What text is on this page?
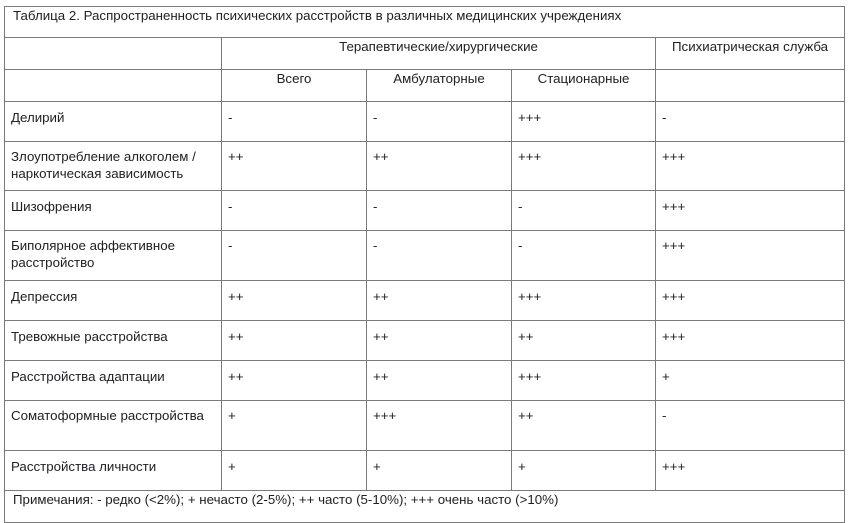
Таблица 2. Распространенность психических расстройств в различных медицинских учреждениях				
	Терапевтические/хирургические			Психиатрическая служба
	Всего	Амбулаторные	Стационарные	
Делирий	-	-	+++	-
Злоупотребление алкоголем / наркотическая зависимость	++	++	+++	+++
Шизофрения	-	-	-	+++
Биполярное аффективное расстройство	-	-	-	+++
Депрессия	++	++	+++	+++
Тревожные расстройства	++	++	++	+++
Расстройства адаптации	++	++	+++	+
Соматоформные расстройства	+	+++	++	-
Расстройства личности	+	+	+	+++
Примечания: - редко (<2%); + нечасто (2-5%); ++ часто (5-10%); +++ очень часто (>10%)				
